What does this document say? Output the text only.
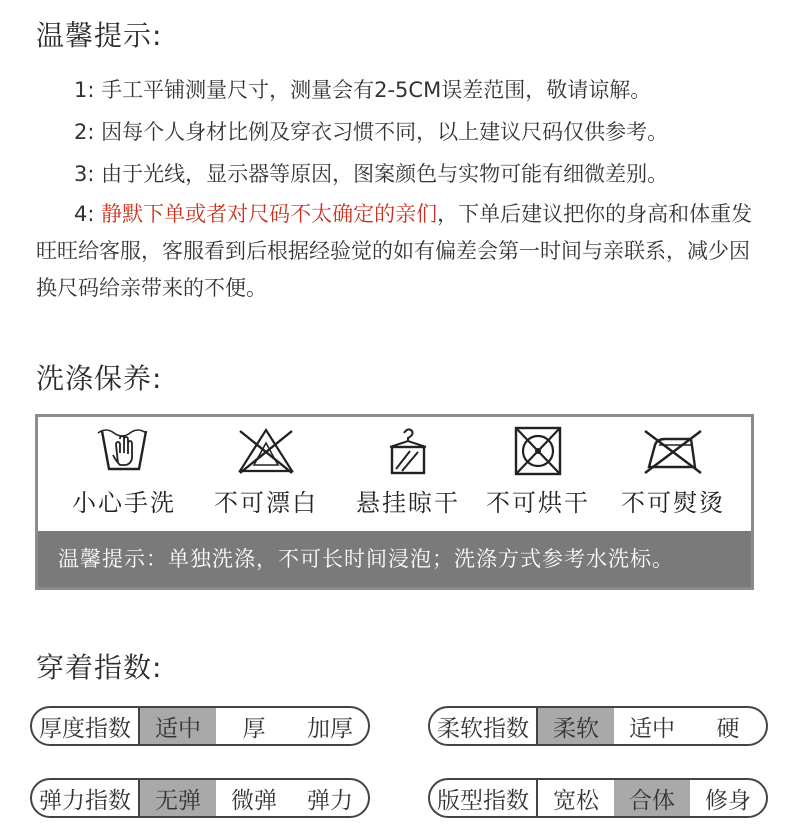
温馨提示:

1: 手工平铺测量尺寸，测量会有2-5CM误差范围，敬请谅解。

2: 因每个人身材比例及穿衣习惯不同，以上建议尺码仅供参考。

3: 由于光线，显示器等原因，图案颜色与实物可能有细微差别。

4: 静默下单或者对尺码不太确定的亲们，下单后建议把你的身高和体重发旺旺给客服，客服看到后根据经验觉的如有偏差会第一时间与亲联系，减少因换尺码给亲带来的不便。

洗涤保养:
小心手洗	不可漂白	悬挂晾干	不可烘干	不可熨烫
温馨提示：单独洗涤，不可长时间浸泡；洗涤方式参考水洗标。
穿着指数:
厚度指数	适中	厚	加厚	柔软指数	柔软	适中	硬
弹力指数	无弹	微弹	弹力	版型指数	宽松	合体	修身
